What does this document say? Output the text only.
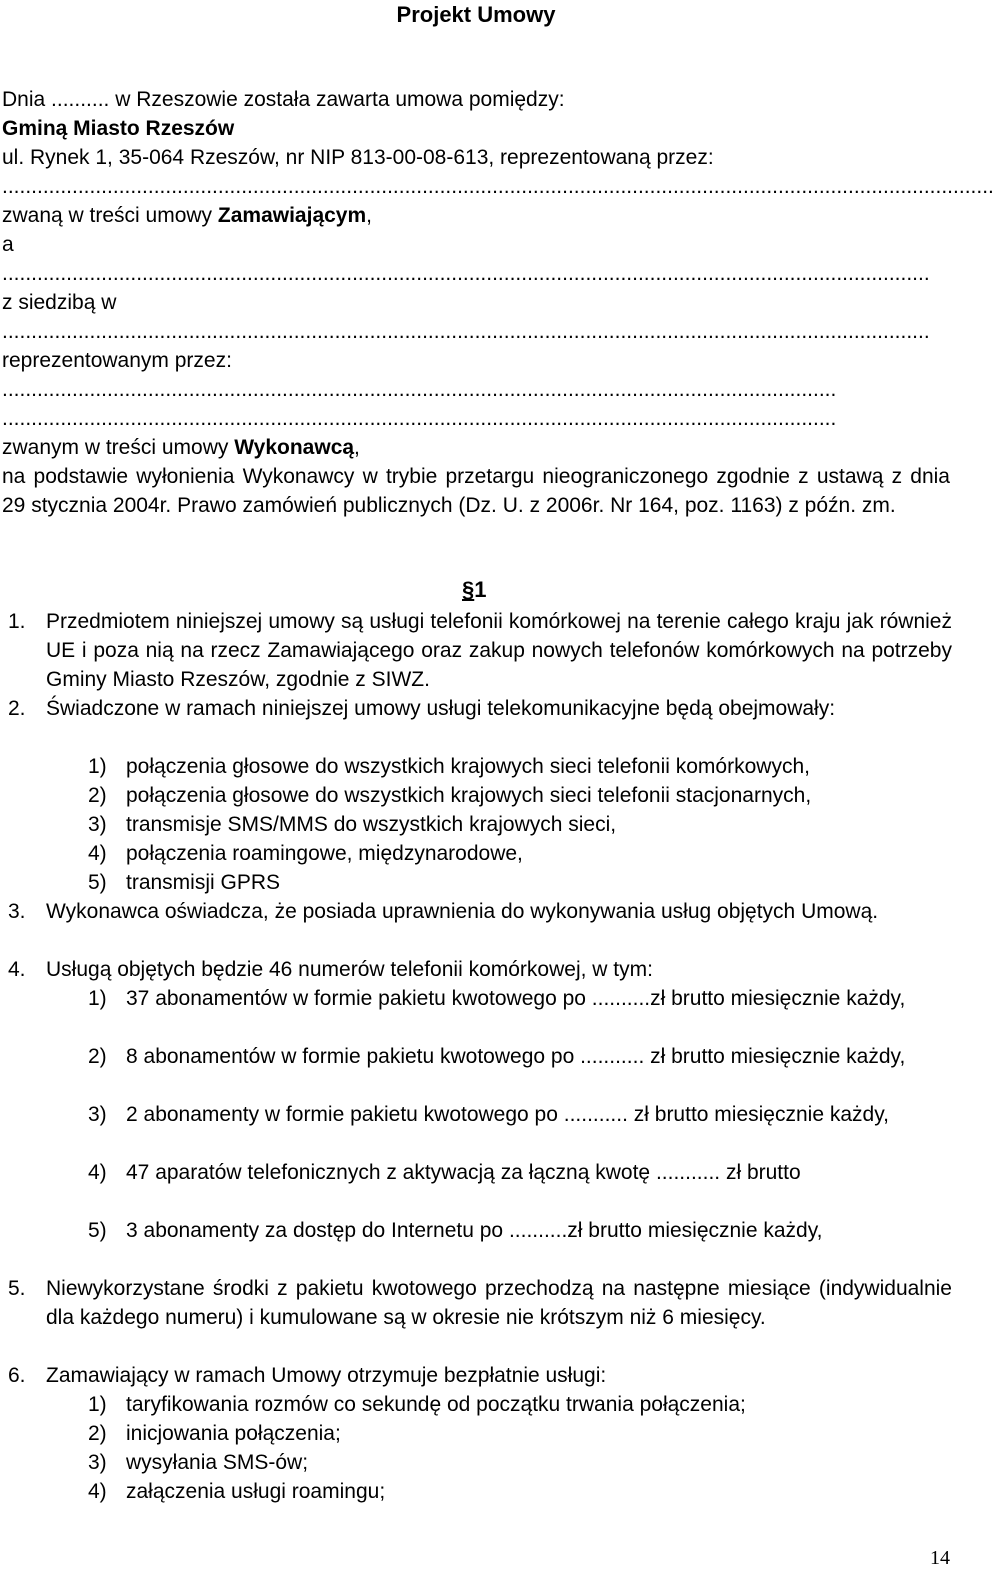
Projekt Umowy
Dnia .......... w Rzeszowie została zawarta umowa pomiędzy:
Gminą Miasto Rzeszów
ul. Rynek 1, 35-064 Rzeszów, nr NIP 813-00-08-613, reprezentowaną przez:
..........................................................................................................................................................................
zwaną w treści umowy Zamawiającym,
a
...............................................................................................................................................................
z siedzibą w
...............................................................................................................................................................
reprezentowanym przez:
...............................................................................................................................................
...............................................................................................................................................
zwanym w treści umowy Wykonawcą,
na podstawie wyłonienia Wykonawcy w trybie przetargu nieograniczonego zgodnie z ustawą z dnia 29 stycznia 2004r. Prawo zamówień publicznych (Dz. U. z 2006r. Nr 164, poz. 1163) z późn. zm.
§1
1. Przedmiotem niniejszej umowy są usługi telefonii komórkowej na terenie całego kraju jak również UE i poza nią na rzecz Zamawiającego oraz zakup nowych telefonów komórkowych na potrzeby Gminy Miasto Rzeszów, zgodnie z SIWZ.
2. Świadczone w ramach niniejszej umowy usługi telekomunikacyjne będą obejmowały:
1) połączenia głosowe do wszystkich krajowych sieci telefonii komórkowych,
2) połączenia głosowe do wszystkich krajowych sieci telefonii stacjonarnych,
3) transmisje SMS/MMS do wszystkich krajowych sieci,
4) połączenia roamingowe, międzynarodowe,
5) transmisji GPRS
3. Wykonawca oświadcza, że posiada uprawnienia do wykonywania usług objętych Umową.
4. Usługą objętych będzie 46 numerów telefonii komórkowej, w tym:
1) 37 abonamentów w formie pakietu kwotowego po ..........zł brutto miesięcznie każdy,
2) 8 abonamentów w formie pakietu kwotowego po ........... zł brutto miesięcznie każdy,
3) 2 abonamenty w formie pakietu kwotowego po ........... zł brutto miesięcznie każdy,
4) 47 aparatów telefonicznych z aktywacją za łączną kwotę ........... zł brutto
5) 3 abonamenty za dostęp do Internetu po ..........zł brutto miesięcznie każdy,
5. Niewykorzystane środki z pakietu kwotowego przechodzą na następne miesiące (indywidualnie dla każdego numeru) i kumulowane są w okresie nie krótszym niż 6 miesięcy.
6. Zamawiający w ramach Umowy otrzymuje bezpłatnie usługi:
1) taryfikowania rozmów co sekundę od początku trwania połączenia;
2) inicjowania połączenia;
3) wysyłania SMS-ów;
4) załączenia usługi roamingu;
14
